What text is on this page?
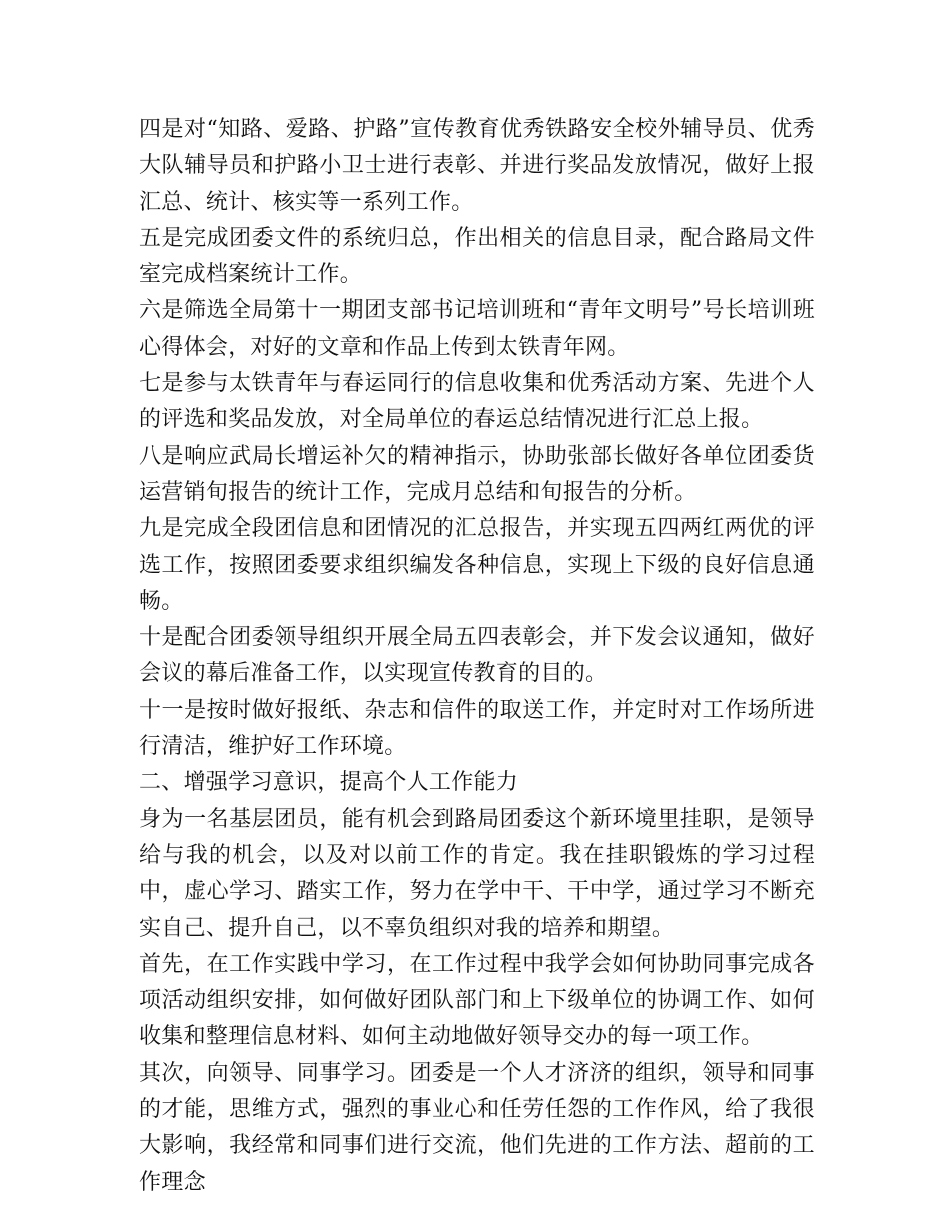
四是对“知路、爱路、护路”宣传教育优秀铁路安全校外辅导员、优秀大队辅导员和护路小卫士进行表彰、并进行奖品发放情况，做好上报汇总、统计、核实等一系列工作。

五是完成团委文件的系统归总，作出相关的信息目录，配合路局文件室完成档案统计工作。

六是筛选全局第十一期团支部书记培训班和“青年文明号”号长培训班心得体会，对好的文章和作品上传到太铁青年网。

七是参与太铁青年与春运同行的信息收集和优秀活动方案、先进个人的评选和奖品发放，对全局单位的春运总结情况进行汇总上报。

八是响应武局长增运补欠的精神指示，协助张部长做好各单位团委货运营销旬报告的统计工作，完成月总结和旬报告的分析。

九是完成全段团信息和团情况的汇总报告，并实现五四两红两优的评选工作，按照团委要求组织编发各种信息，实现上下级的良好信息通畅。

十是配合团委领导组织开展全局五四表彰会，并下发会议通知，做好会议的幕后准备工作，以实现宣传教育的目的。

十一是按时做好报纸、杂志和信件的取送工作，并定时对工作场所进行清洁，维护好工作环境。

二、增强学习意识，提高个人工作能力

身为一名基层团员，能有机会到路局团委这个新环境里挂职，是领导给与我的机会，以及对以前工作的肯定。我在挂职锻炼的学习过程中，虚心学习、踏实工作，努力在学中干、干中学，通过学习不断充实自己、提升自己，以不辜负组织对我的培养和期望。

首先，在工作实践中学习，在工作过程中我学会如何协助同事完成各项活动组织安排，如何做好团队部门和上下级单位的协调工作、如何收集和整理信息材料、如何主动地做好领导交办的每一项工作。

其次，向领导、同事学习。团委是一个人才济济的组织，领导和同事的才能，思维方式，强烈的事业心和任劳任怨的工作作风，给了我很大影响，我经常和同事们进行交流，他们先进的工作方法、超前的工作理念
